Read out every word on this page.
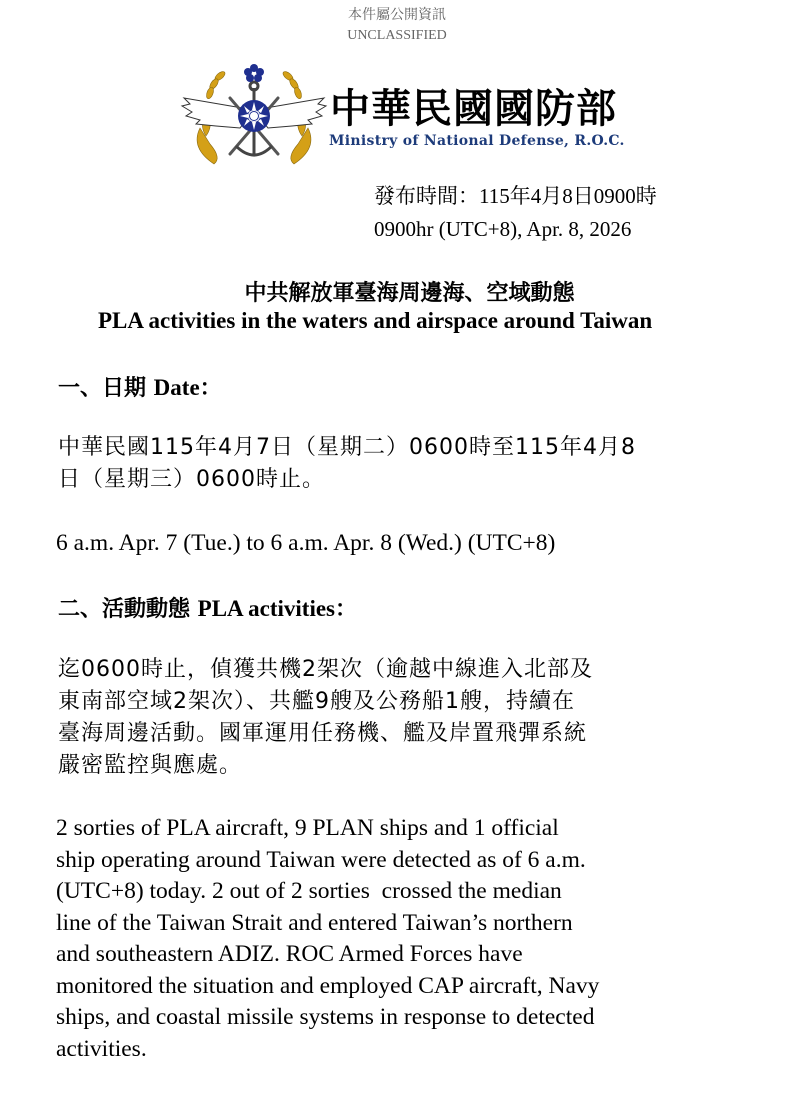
本件屬公開資訊
UNCLASSIFIED
中華民國國防部
Ministry of National Defense, R.O.C.
發布時間：115年4月8日0900時
0900hr (UTC+8), Apr. 8, 2026
中共解放軍臺海周邊海、空域動態
PLA activities in the waters and airspace around Taiwan
一、日期 Date：
中華民國115年4月7日（星期二）0600時至115年4月8
日（星期三）0600時止。
6 a.m. Apr. 7 (Tue.) to 6 a.m. Apr. 8 (Wed.) (UTC+8)
二、活動動態 PLA activities：
迄0600時止，偵獲共機2架次（逾越中線進入北部及
東南部空域2架次）、共艦9艘及公務船1艘，持續在
臺海周邊活動。國軍運用任務機、艦及岸置飛彈系統
嚴密監控與應處。
2 sorties of PLA aircraft, 9 PLAN ships and 1 official
ship operating around Taiwan were detected as of 6 a.m.
(UTC+8) today. 2 out of 2 sorties  crossed the median
line of the Taiwan Strait and entered Taiwan’s northern
and southeastern ADIZ. ROC Armed Forces have
monitored the situation and employed CAP aircraft, Navy
ships, and coastal missile systems in response to detected
activities.
